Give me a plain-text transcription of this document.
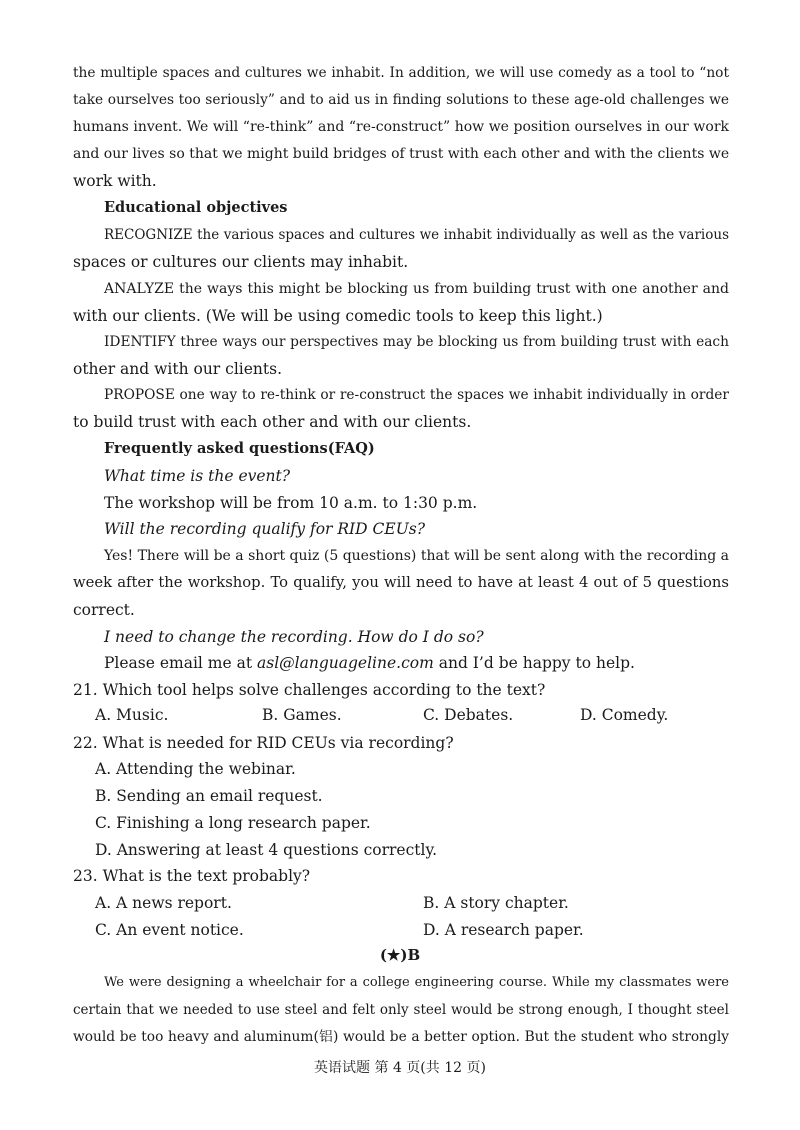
the multiple spaces and cultures we inhabit. In addition, we will use comedy as a tool to “not
take ourselves too seriously” and to aid us in finding solutions to these age-old challenges we
humans invent. We will “re-think” and “re-construct” how we position ourselves in our work
and our lives so that we might build bridges of trust with each other and with the clients we
work with.
Educational objectives
RECOGNIZE the various spaces and cultures we inhabit individually as well as the various
spaces or cultures our clients may inhabit.
ANALYZE the ways this might be blocking us from building trust with one another and
with our clients. (We will be using comedic tools to keep this light.)
IDENTIFY three ways our perspectives may be blocking us from building trust with each
other and with our clients.
PROPOSE one way to re-think or re-construct the spaces we inhabit individually in order
to build trust with each other and with our clients.
Frequently asked questions(FAQ)
What time is the event?
The workshop will be from 10 a.m. to 1:30 p.m.
Will the recording qualify for RID CEUs?
Yes! There will be a short quiz (5 questions) that will be sent along with the recording a
week after the workshop. To qualify, you will need to have at least 4 out of 5 questions
correct.
I need to change the recording. How do I do so?
Please email me at asl@languageline.com and I’d be happy to help.
21. Which tool helps solve challenges according to the text?
A. Music.	B. Games.	C. Debates.	D. Comedy.
22. What is needed for RID CEUs via recording?
A. Attending the webinar.
B. Sending an email request.
C. Finishing a long research paper.
D. Answering at least 4 questions correctly.
23. What is the text probably?
A. A news report.	B. A story chapter.
C. An event notice.	D. A research paper.
(★)B
We were designing a wheelchair for a college engineering course. While my classmates were
certain that we needed to use steel and felt only steel would be strong enough, I thought steel
would be too heavy and aluminum(铝) would be a better option. But the student who strongly
英语试题 第 4 页(共 12 页)
